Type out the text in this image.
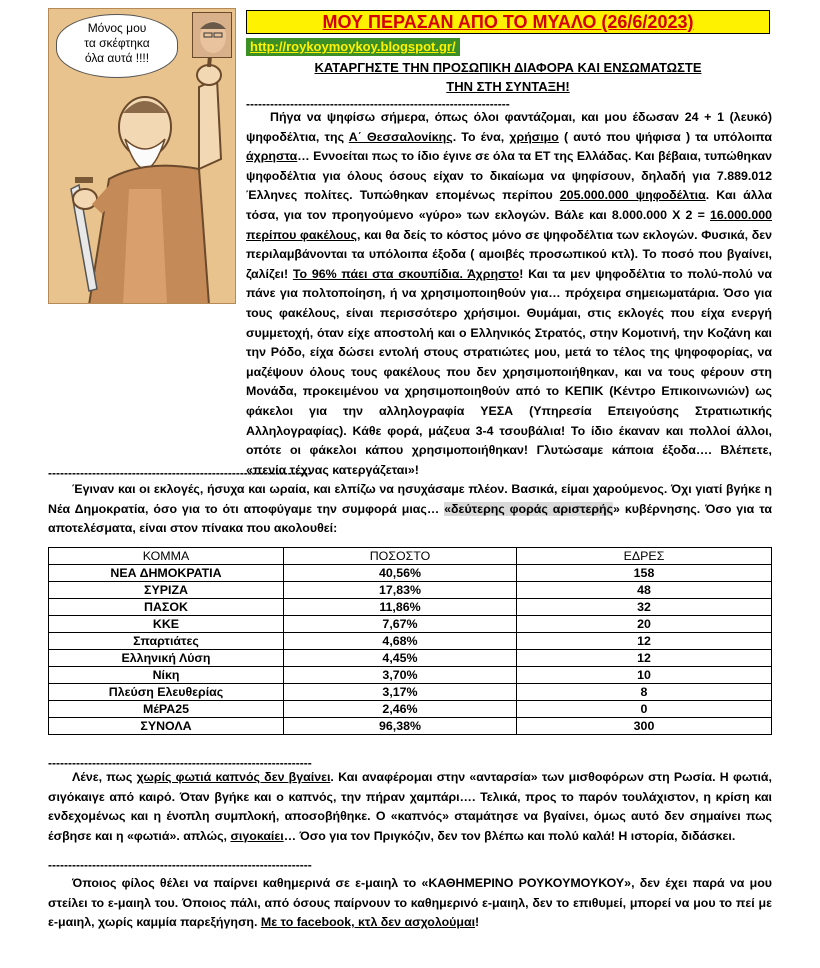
Μόνος μου
τα σκέφτηκα
όλα αυτά !!!!
ΜΟΥ ΠΕΡΑΣΑΝ ΑΠΟ ΤΟ ΜΥΑΛΟ (26/6/2023)
http://roykoymoykoy.blogspot.gr/
ΚΑΤΑΡΓΗΣΤΕ ΤΗΝ ΠΡΟΣΩΠΙΚΗ ΔΙΑΦΟΡΑ ΚΑΙ ΕΝΣΩΜΑΤΩΣΤΕ
ΤΗΝ ΣΤΗ ΣΥΝΤΑΞΗ!
------------------------------------------------------------------
Πήγα να ψηφίσω σήμερα, όπως όλοι φαντάζομαι, και μου έδωσαν 24 + 1 (λευκό) ψηφοδέλτια, της Α΄ Θεσσαλονίκης. Το ένα, χρήσιμο ( αυτό που ψήφισα ) τα υπόλοιπα άχρηστα… Εννοείται πως το ίδιο έγινε σε όλα τα ΕΤ της Ελλάδας. Και βέβαια, τυπώθηκαν ψηφοδέλτια για όλους όσους είχαν το δικαίωμα να ψηφίσουν, δηλαδή για 7.889.012 Έλληνες πολίτες. Τυπώθηκαν επομένως περίπου 205.000.000 ψηφοδέλτια. Και άλλα τόσα, για τον προηγούμενο «γύρο» των εκλογών. Βάλε και 8.000.000 Χ 2 = 16.000.000 περίπου φακέλους, και θα δείς το κόστος μόνο σε ψηφοδέλτια των εκλογών. Φυσικά, δεν περιλαμβάνονται τα υπόλοιπα έξοδα ( αμοιβές προσωπικού κτλ). Το ποσό που βγαίνει, ζαλίζει! Το 96% πάει στα σκουπίδια. Άχρηστο! Και τα μεν ψηφοδέλτια το πολύ-πολύ να πάνε για πολτοποίηση, ή να χρησιμοποιηθούν για… πρόχειρα σημειωματάρια. Όσο για τους φακέλους, είναι περισσότερο χρήσιμοι. Θυμάμαι, στις εκλογές που είχα ενεργή συμμετοχή, όταν είχε αποστολή και ο Ελληνικός Στρατός, στην Κομοτινή, την Κοζάνη και την Ρόδο, είχα δώσει εντολή στους στρατιώτες μου, μετά το τέλος της ψηφοφορίας, να μαζέψουν όλους τους φακέλους που δεν χρησιμοποιήθηκαν, και να τους φέρουν στη Μονάδα, προκειμένου να χρησιμοποιηθούν από το ΚΕΠΙΚ (Κέντρο Επικοινωνιών) ως φάκελοι για την αλληλογραφία ΥΕΣΑ (Υπηρεσία Επειγούσης Στρατιωτικής Αλληλογραφίας). Κάθε φορά, μάζευα 3-4 τσουβάλια! Το ίδιο έκαναν και πολλοί άλλοι, οπότε οι φάκελοι κάπου χρησιμοποιήθηκαν! Γλυτώσαμε κάποια έξοδα…. Βλέπετε, «πενία τέχνας κατεργάζεται»!
------------------------------------------------------------------
Έγιναν και οι εκλογές, ήσυχα και ωραία, και ελπίζω να ησυχάσαμε πλέον. Βασικά, είμαι χαρούμενος. Όχι γιατί βγήκε η Νέα Δημοκρατία, όσο για το ότι αποφύγαμε την συμφορά μιας… «δεύτερης φοράς αριστερής» κυβέρνησης. Όσο για τα αποτελέσματα, είναι στον πίνακα που ακολουθεί:
ΚΟΜΜΑ	ΠΟΣΟΣΤΟ	ΕΔΡΕΣ
ΝΕΑ ΔΗΜΟΚΡΑΤΙΑ	40,56%	158
ΣΥΡΙΖΑ	17,83%	48
ΠΑΣΟΚ	11,86%	32
ΚΚΕ	7,67%	20
Σπαρτιάτες	4,68%	12
Ελληνική Λύση	4,45%	12
Νίκη	3,70%	10
Πλεύση Ελευθερίας	3,17%	8
ΜέΡΑ25	2,46%	0
ΣΥΝΟΛΑ	96,38%	300
------------------------------------------------------------------
Λένε, πως χωρίς φωτιά καπνός δεν βγαίνει. Και αναφέρομαι στην «ανταρσία» των μισθοφόρων στη Ρωσία. Η φωτιά, σιγόκαιγε από καιρό. Όταν βγήκε και ο καπνός, την πήραν χαμπάρι…. Τελικά, προς το παρόν τουλάχιστον, η κρίση και ενδεχομένως και η ένοπλη συμπλοκή, αποσοβήθηκε. Ο «καπνός» σταμάτησε να βγαίνει, όμως αυτό δεν σημαίνει πως έσβησε και η «φωτιά». απλώς, σιγοκαίει… Όσο για τον Πριγκόζιν, δεν τον βλέπω και πολύ καλά! Η ιστορία, διδάσκει.
------------------------------------------------------------------
Όποιος φίλος θέλει να παίρνει καθημερινά σε ε-μαιηλ το «ΚΑΘΗΜΕΡΙΝΟ ΡΟΥΚΟΥΜΟΥΚΟΥ», δεν έχει παρά να μου στείλει το ε-μαιηλ του. Όποιος πάλι, από όσους παίρνουν το καθημερινό ε-μαιηλ, δεν το επιθυμεί, μπορεί να μου το πεί με ε-μαιηλ, χωρίς καμμία παρεξήγηση. Με το facebook, κτλ δεν ασχολούμαι!
